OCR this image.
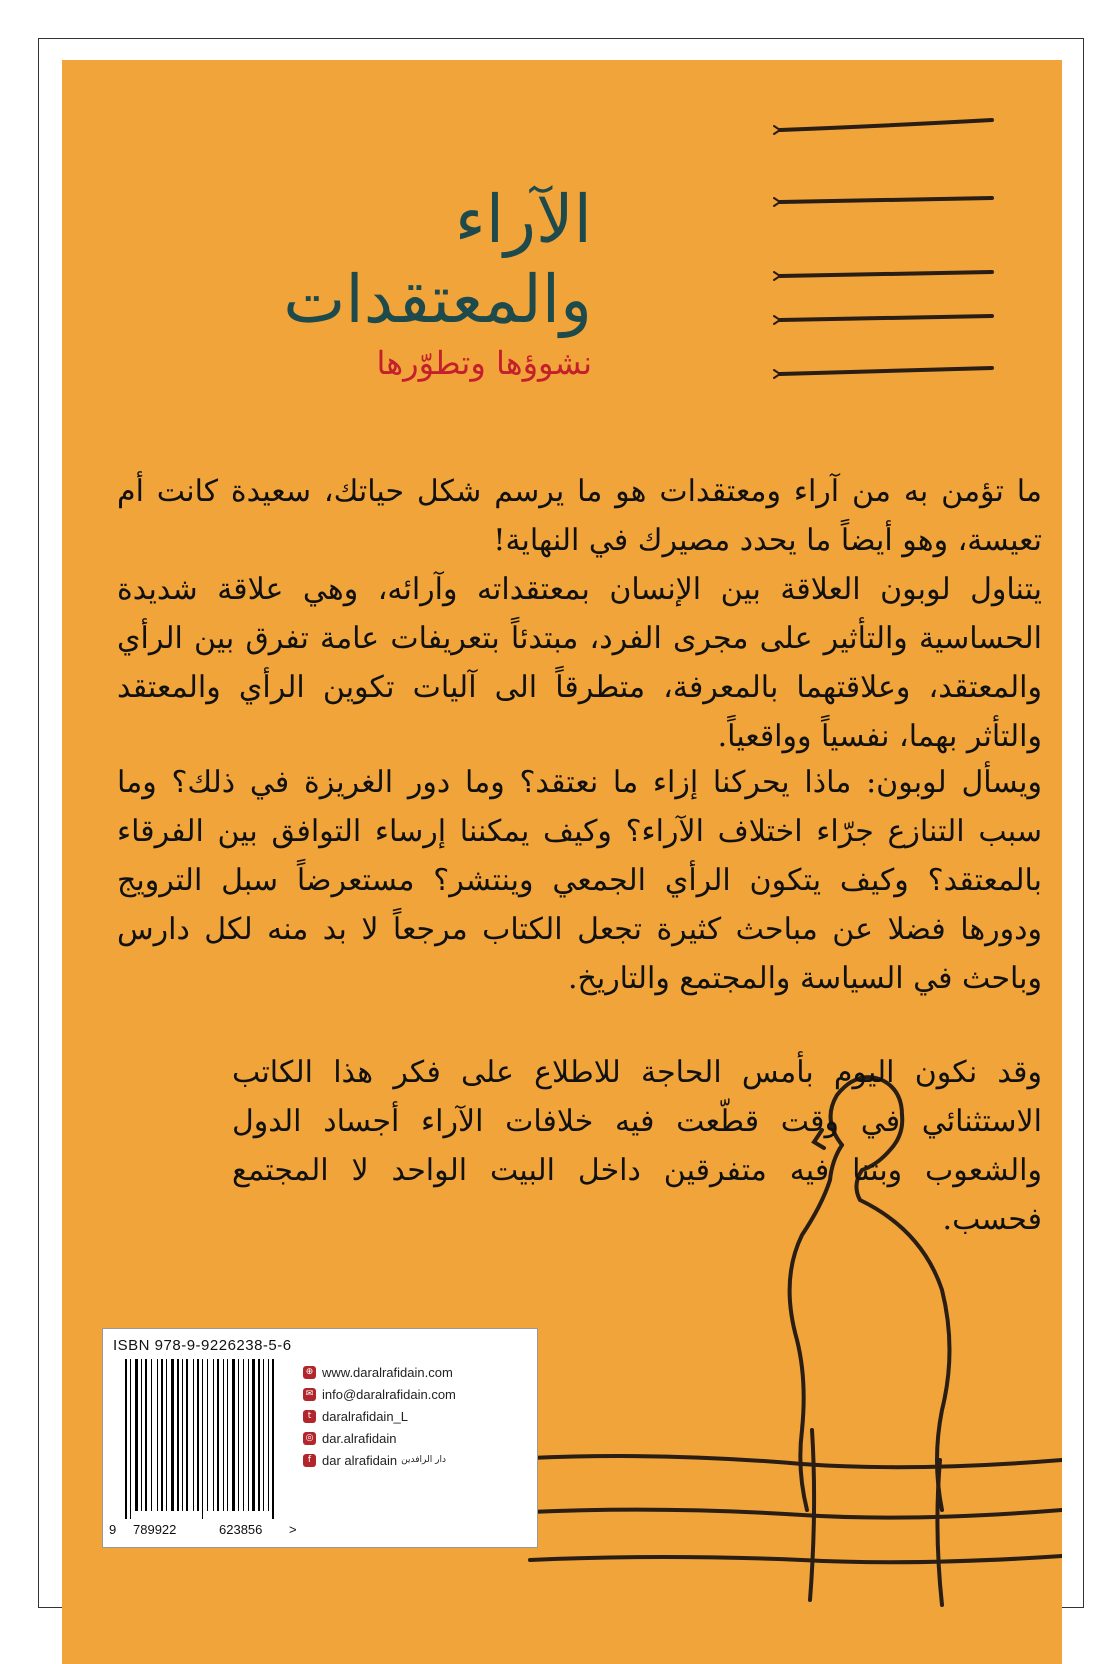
الآراء
والمعتقدات
نشوؤها وتطوّرها
ما تؤمن به من آراء ومعتقدات هو ما يرسم شكل حياتك، سعيدة كانت أم تعيسة، وهو أيضاً ما يحدد مصيرك في النهاية!
يتناول لوبون العلاقة بين الإنسان بمعتقداته وآرائه، وهي علاقة شديدة الحساسية والتأثير على مجرى الفرد، مبتدئاً بتعريفات عامة تفرق بين الرأي والمعتقد، وعلاقتهما بالمعرفة، متطرقاً الى آليات تكوين الرأي والمعتقد والتأثر بهما، نفسياً وواقعياً.
ويسأل لوبون: ماذا يحركنا إزاء ما نعتقد؟ وما دور الغريزة في ذلك؟ وما سبب التنازع جرّاء اختلاف الآراء؟ وكيف يمكننا إرساء التوافق بين الفرقاء بالمعتقد؟ وكيف يتكون الرأي الجمعي وينتشر؟ مستعرضاً سبل الترويج ودورها فضلا عن مباحث كثيرة تجعل الكتاب مرجعاً لا بد منه لكل دارس وباحث في السياسة والمجتمع والتاريخ.
وقد نكون اليوم بأمس الحاجة للاطلاع على فكر هذا الكاتب الاستثنائي في وقت قطّعت فيه خلافات الآراء أجساد الدول والشعوب وبتنا فيه متفرقين داخل البيت الواحد لا المجتمع فحسب.
ISBN 978-9-9226238-5-6
9 789922	623856 >
⊕ www.daralrafidain.com
✉ info@daralrafidain.com
t daralrafidain_L
◎ dar.alrafidain
f dar alrafidain دار الرافدين
